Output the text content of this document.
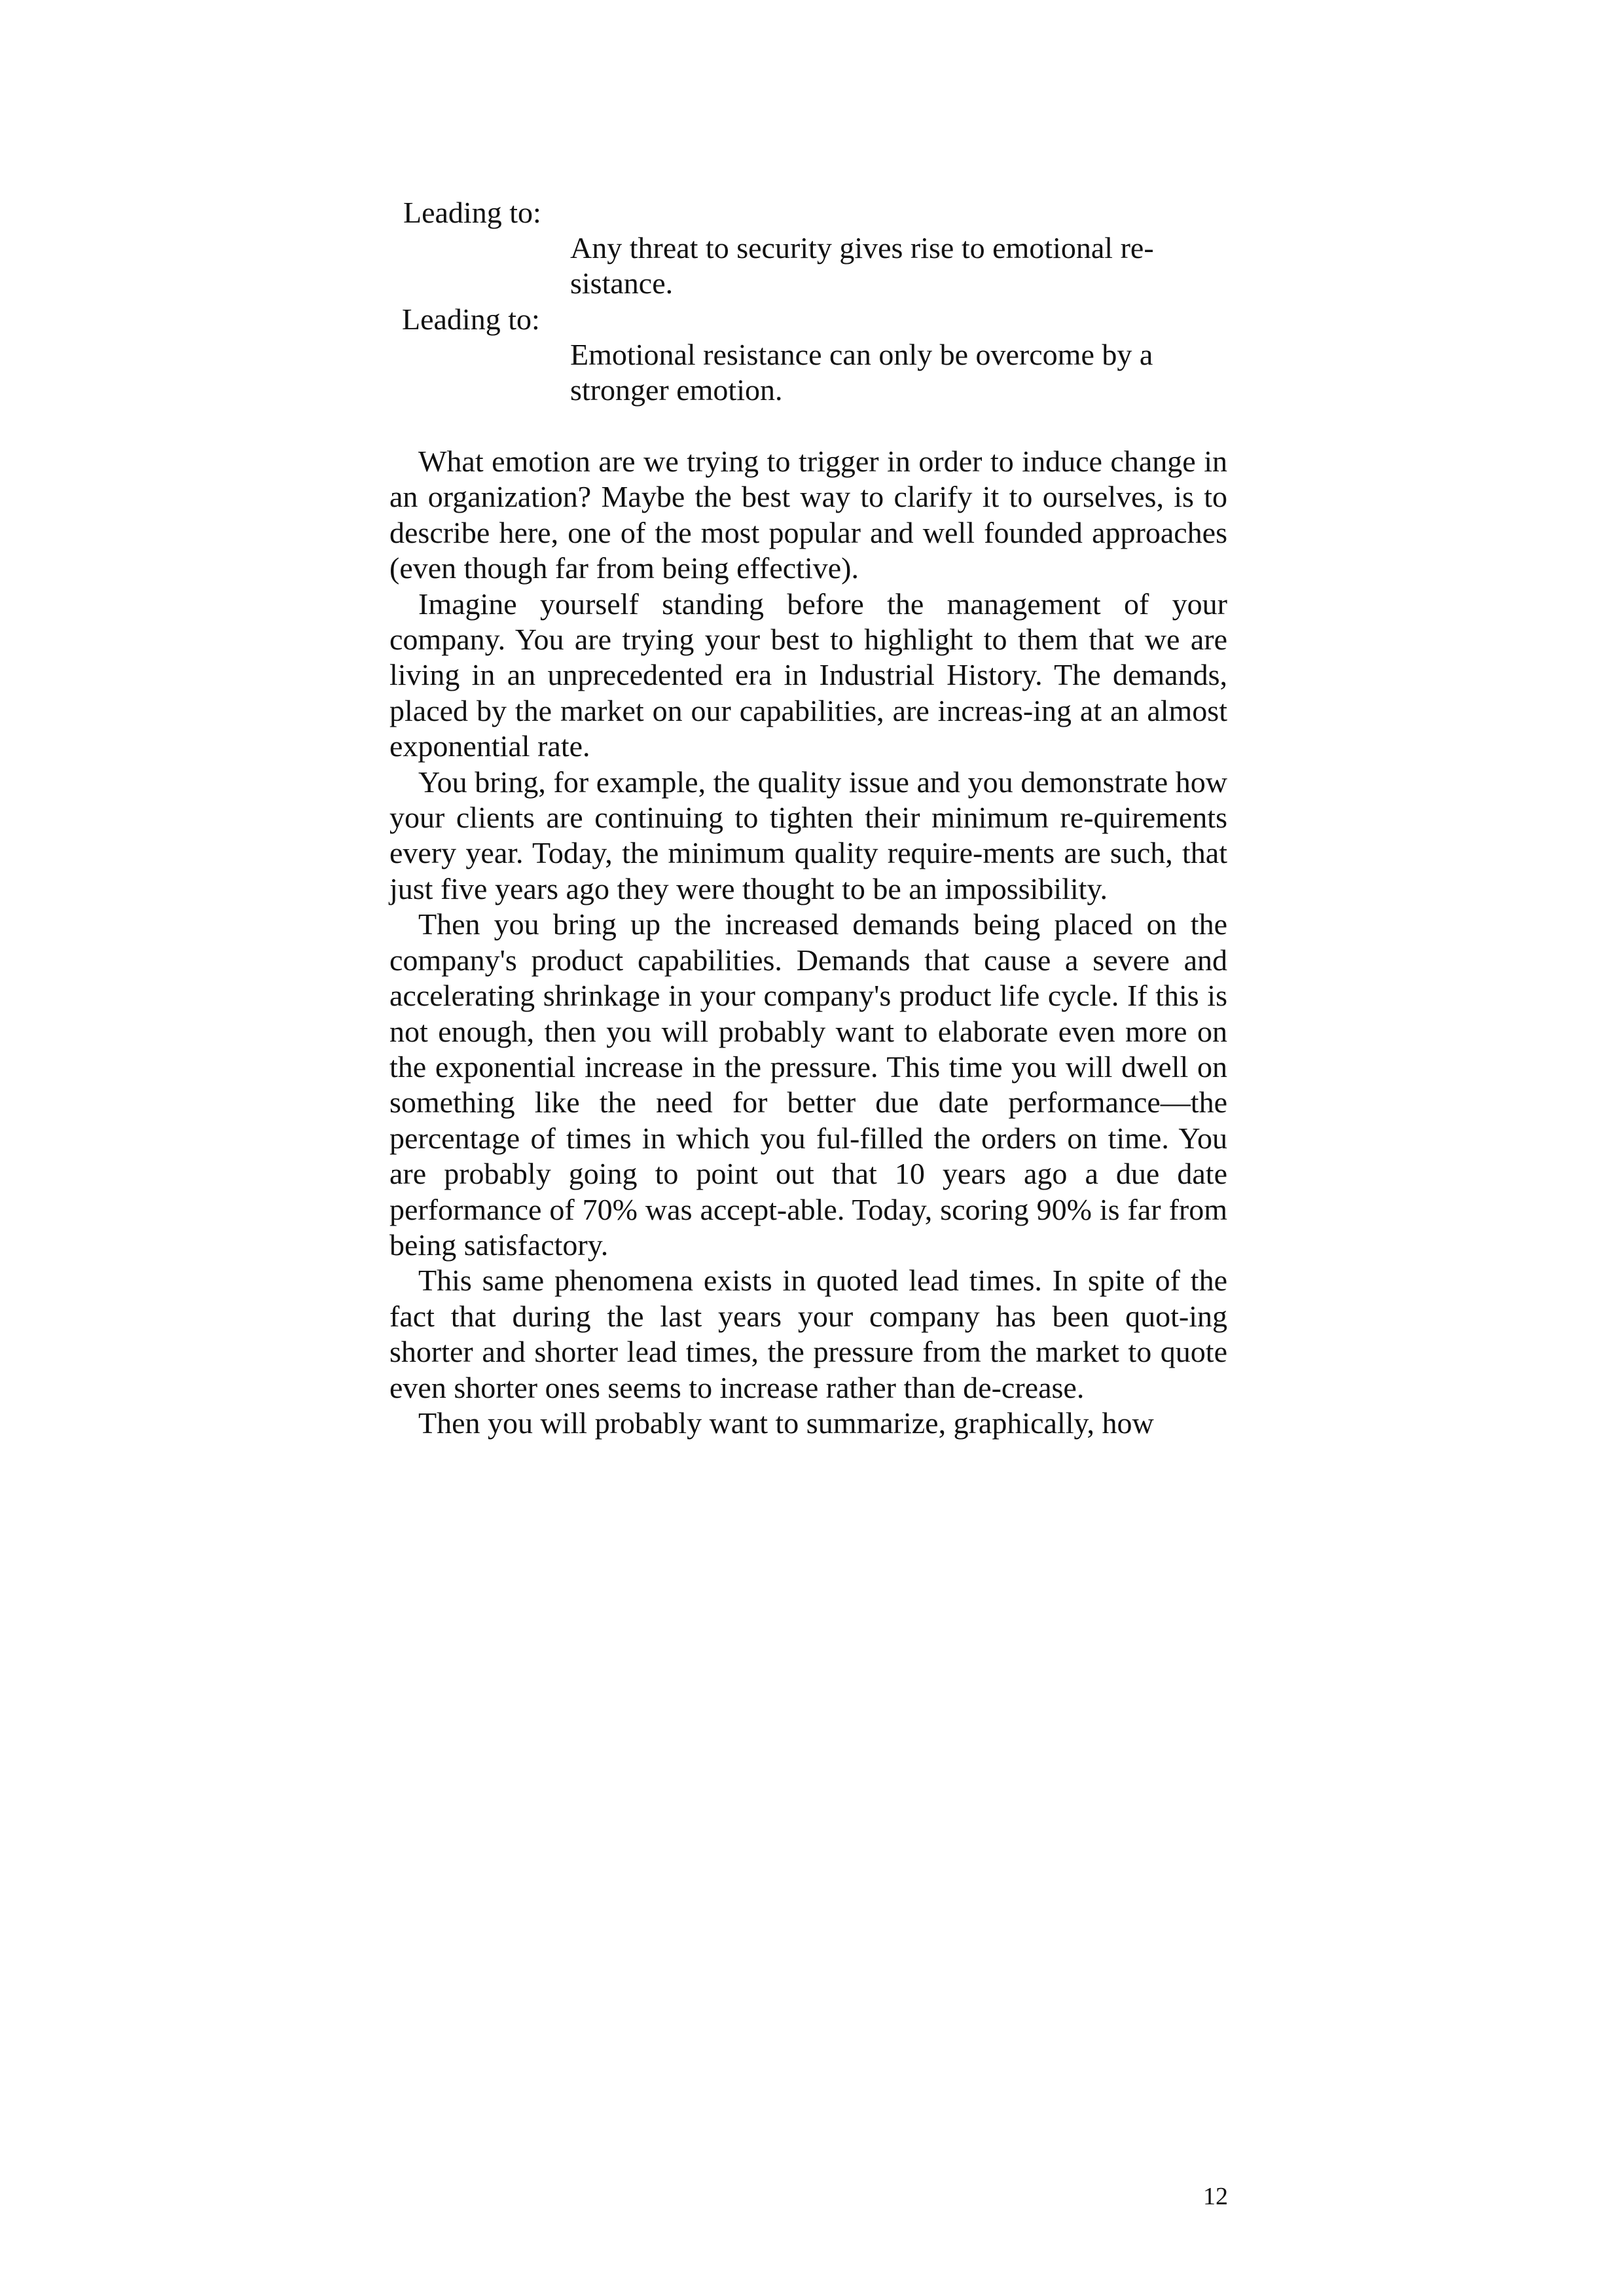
Leading to:
Any threat to security gives rise to emotional re-sistance.
Leading to:
Emotional resistance can only be overcome by a stronger emotion.

What emotion are we trying to trigger in order to induce change in an organization? Maybe the best way to clarify it to ourselves, is to describe here, one of the most popular and well founded approaches (even though far from being effective).

Imagine yourself standing before the management of your company. You are trying your best to highlight to them that we are living in an unprecedented era in Industrial History. The demands, placed by the market on our capabilities, are increas-ing at an almost exponential rate.

You bring, for example, the quality issue and you demonstrate how your clients are continuing to tighten their minimum re-quirements every year. Today, the minimum quality require-ments are such, that just five years ago they were thought to be an impossibility.

Then you bring up the increased demands being placed on the company's product capabilities. Demands that cause a severe and accelerating shrinkage in your company's product life cycle. If this is not enough, then you will probably want to elaborate even more on the exponential increase in the pressure. This time you will dwell on something like the need for better due date performance—the percentage of times in which you ful-filled the orders on time. You are probably going to point out that 10 years ago a due date performance of 70% was accept-able. Today, scoring 90% is far from being satisfactory.

This same phenomena exists in quoted lead times. In spite of the fact that during the last years your company has been quot-ing shorter and shorter lead times, the pressure from the market to quote even shorter ones seems to increase rather than de-crease.

Then you will probably want to summarize, graphically, how

12
